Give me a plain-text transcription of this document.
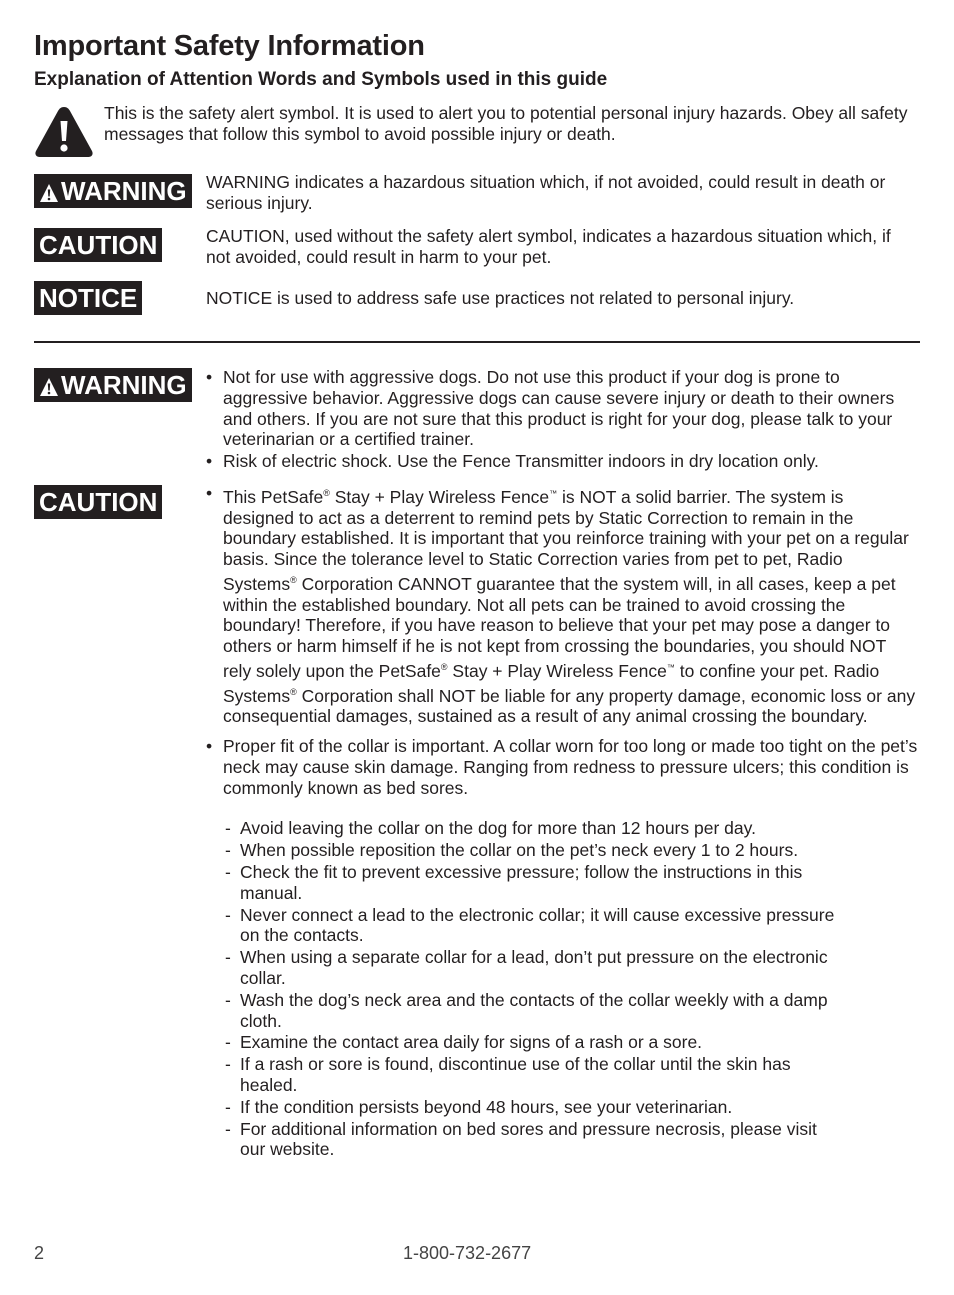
Important Safety Information
Explanation of Attention Words and Symbols used in this guide

This is the safety alert symbol. It is used to alert you to potential personal injury hazards. Obey all safety messages that follow this symbol to avoid possible injury or death.

WARNING WARNING indicates a hazardous situation which, if not avoided, could result in death or serious injury.

CAUTION	CAUTION, used without the safety alert symbol, indicates a hazardous situation which, if not avoided, could result in harm to your pet.

NOTICE	NOTICE is used to address safe use practices not related to personal injury.

WARNING	• Not for use with aggressive dogs. Do not use this product if your dog is prone to aggressive behavior. Aggressive dogs can cause severe injury or death to their owners and others. If you are not sure that this product is right for your dog, please talk to your veterinarian or a certified trainer.

• Risk of electric shock. Use the Fence Transmitter indoors in dry location only.

CAUTION	• This PetSafe® Stay + Play Wireless Fence™ is NOT a solid barrier. The system is designed to act as a deterrent to remind pets by Static Correction to remain in the boundary established. It is important that you reinforce training with your pet on a regular basis. Since the tolerance level to Static Correction varies from pet to pet, Radio Systems® Corporation CANNOT guarantee that the system will, in all cases, keep a pet within the established boundary. Not all pets can be trained to avoid crossing the boundary! Therefore, if you have reason to believe that your pet may pose a danger to others or harm himself if he is not kept from crossing the boundaries, you should NOT rely solely upon the PetSafe® Stay + Play Wireless Fence™ to confine your pet. Radio Systems® Corporation shall NOT be liable for any property damage, economic loss or any consequential damages, sustained as a result of any animal crossing the boundary.

• Proper fit of the collar is important. A collar worn for too long or made too tight on the pet’s neck may cause skin damage. Ranging from redness to pressure ulcers; this condition is commonly known as bed sores.

- Avoid leaving the collar on the dog for more than 12 hours per day.

- When possible reposition the collar on the pet’s neck every 1 to 2 hours.

- Check the fit to prevent excessive pressure; follow the instructions in this manual.

- Never connect a lead to the electronic collar; it will cause excessive pressure on the contacts.

- When using a separate collar for a lead, don’t put pressure on the electronic collar.

- Wash the dog’s neck area and the contacts of the collar weekly with a damp cloth.

- Examine the contact area daily for signs of a rash or a sore.

- If a rash or sore is found, discontinue use of the collar until the skin has healed.

- If the condition persists beyond 48 hours, see your veterinarian.

- For additional information on bed sores and pressure necrosis, please visit our website.

2	1-800-732-2677
